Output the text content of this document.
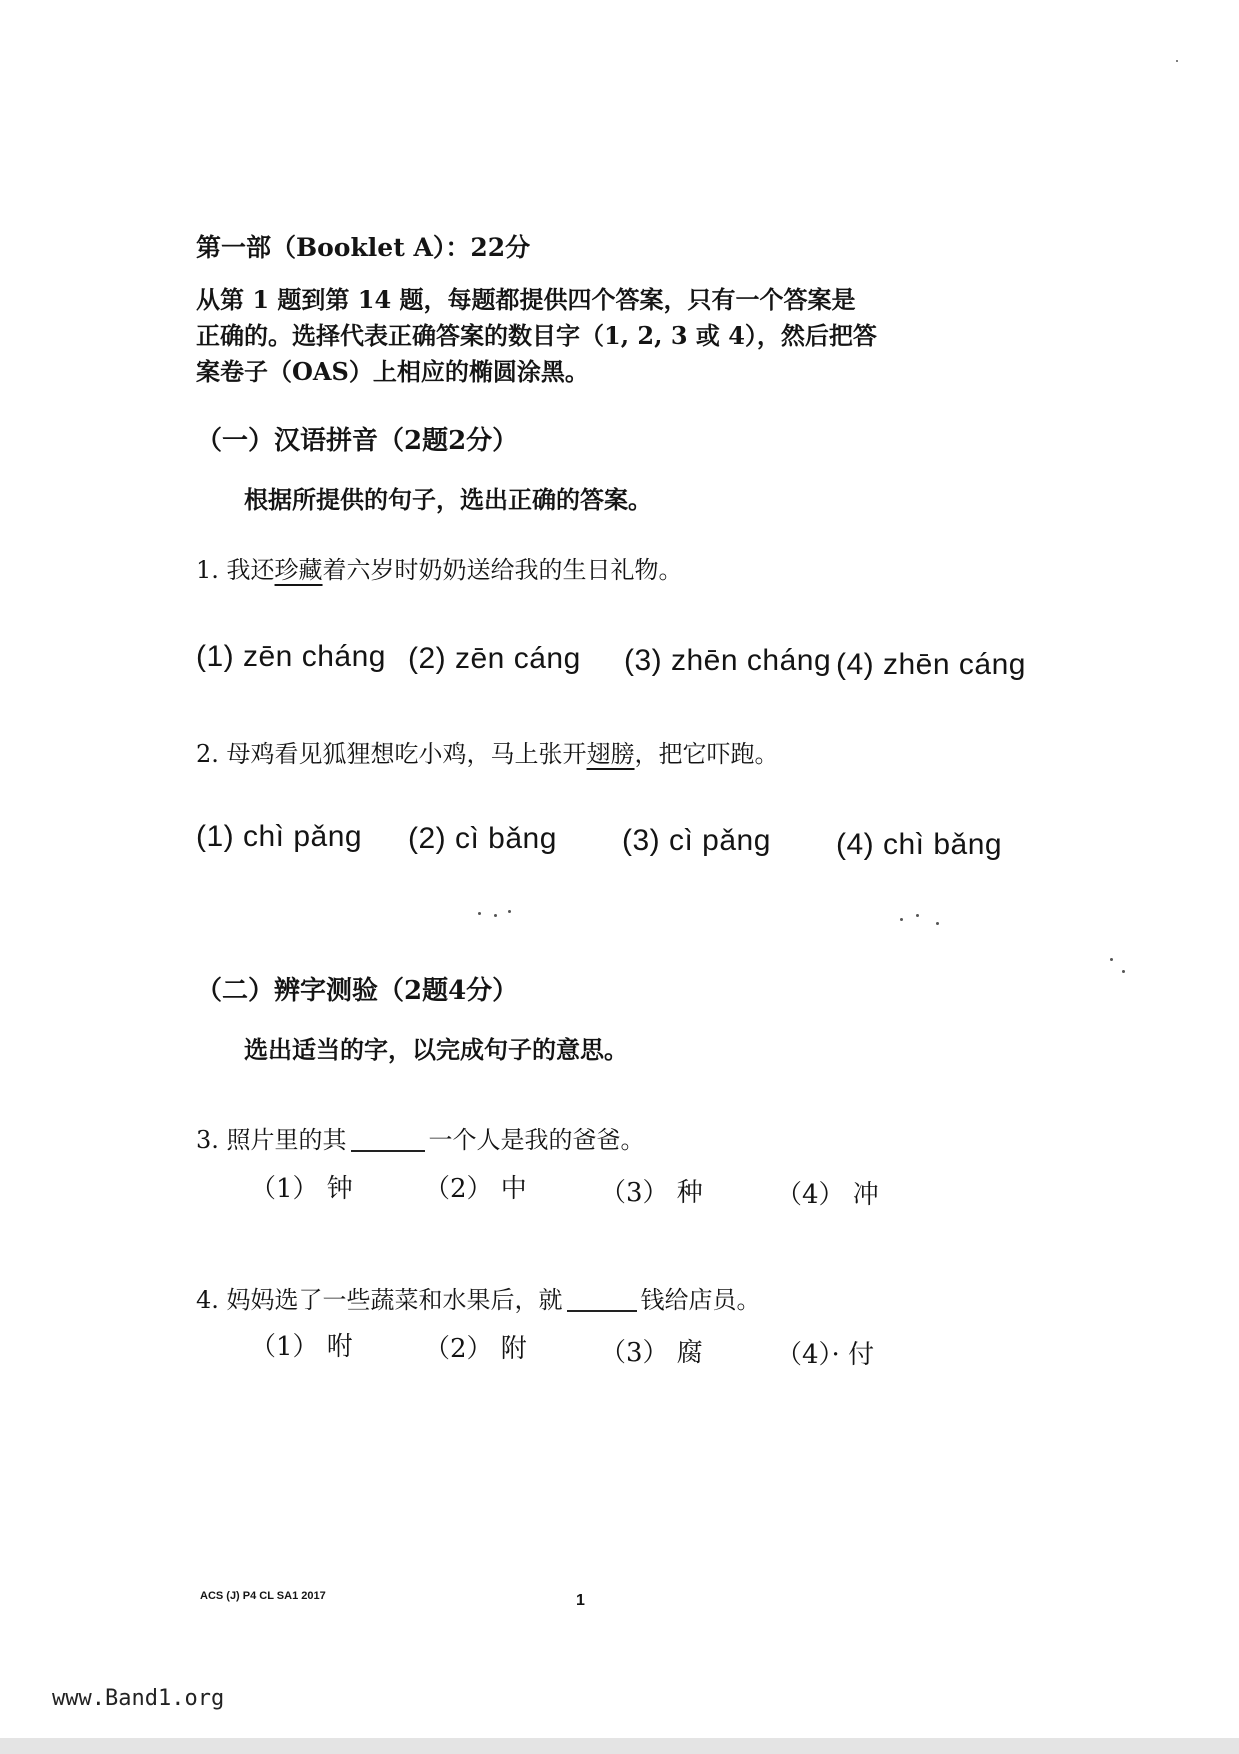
第一部（Booklet A）：22分
从第 1 题到第 14 题，每题都提供四个答案，只有一个答案是
正确的。选择代表正确答案的数目字（1, 2, 3 或 4），然后把答
案卷子（OAS）上相应的椭圆涂黑。
（一）汉语拼音（2题2分）
根据所提供的句子，选出正确的答案。
1. 我还珍藏着六岁时奶奶送给我的生日礼物。
(1) zēn cháng (2) zēn cáng (3) zhēn cháng (4) zhēn cáng
2. 母鸡看见狐狸想吃小鸡，马上张开翅膀，把它吓跑。
(1) chì pǎng (2) cì bǎng (3) cì pǎng (4) chì bǎng
（二）辨字测验（2题4分）
选出适当的字，以完成句子的意思。
3. 照片里的其	一个人是我的爸爸。
（1） 钟	（2） 中	（3） 种	（4） 冲
4. 妈妈选了一些蔬菜和水果后，就	钱给店员。
（1） 咐	（2） 附	（3） 腐	（4）· 付
ACS (J) P4 CL SA1 2017	1
www.Band1.org
